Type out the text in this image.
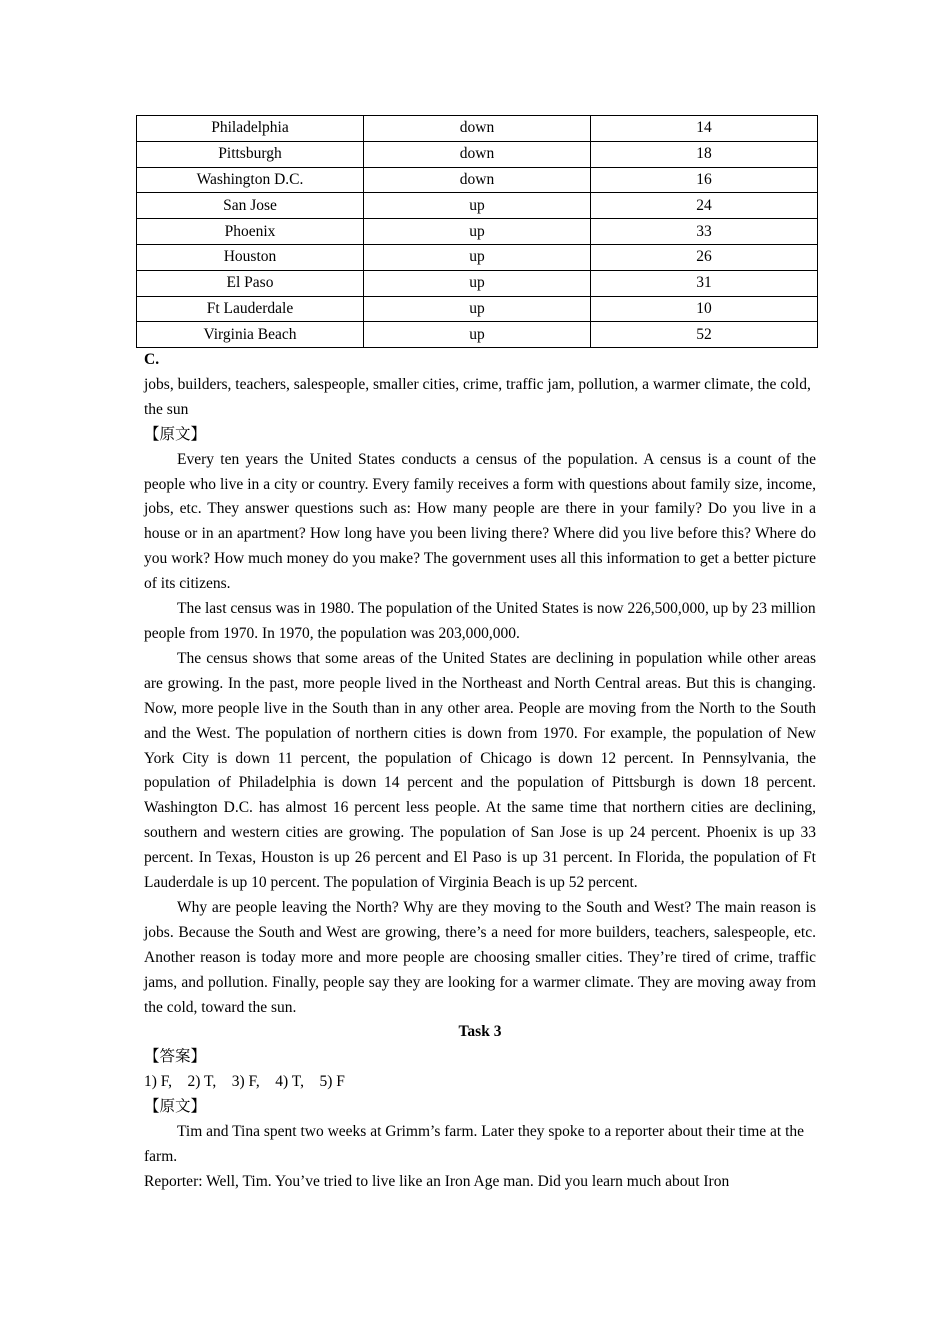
Philadelphia	down	14
Pittsburgh	down	18
Washington D.C.	down	16
San Jose	up	24
Phoenix	up	33
Houston	up	26
El Paso	up	31
Ft Lauderdale	up	10
Virginia Beach	up	52

C.

jobs, builders, teachers, salespeople, smaller cities, crime, traffic jam, pollution, a warmer climate, the cold, the sun

【原文】

Every ten years the United States conducts a census of the population. A census is a count of the people who live in a city or country. Every family receives a form with questions about family size, income, jobs, etc. They answer questions such as: How many people are there in your family? Do you live in a house or in an apartment? How long have you been living there? Where did you live before this? Where do you work? How much money do you make? The government uses all this information to get a better picture of its citizens.

The last census was in 1980. The population of the United States is now 226,500,000, up by 23 million people from 1970. In 1970, the population was 203,000,000.

The census shows that some areas of the United States are declining in population while other areas are growing. In the past, more people lived in the Northeast and North Central areas. But this is changing. Now, more people live in the South than in any other area. People are moving from the North to the South and the West. The population of northern cities is down from 1970. For example, the population of New York City is down 11 percent, the population of Chicago is down 12 percent. In Pennsylvania, the population of Philadelphia is down 14 percent and the population of Pittsburgh is down 18 percent. Washington D.C. has almost 16 percent less people. At the same time that northern cities are declining, southern and western cities are growing. The population of San Jose is up 24 percent. Phoenix is up 33 percent. In Texas, Houston is up 26 percent and El Paso is up 31 percent. In Florida, the population of Ft Lauderdale is up 10 percent. The population of Virginia Beach is up 52 percent.

Why are people leaving the North? Why are they moving to the South and West? The main reason is jobs. Because the South and West are growing, there’s a need for more builders, teachers, salespeople, etc. Another reason is today more and more people are choosing smaller cities. They’re tired of crime, traffic jams, and pollution. Finally, people say they are looking for a warmer climate. They are moving away from the cold, toward the sun.

Task 3

【答案】

1) F,    2) T,    3) F,    4) T,    5) F

【原文】

Tim and Tina spent two weeks at Grimm’s farm. Later they spoke to a reporter about their time at the farm.

Reporter: Well, Tim. You’ve tried to live like an Iron Age man. Did you learn much about Iron
